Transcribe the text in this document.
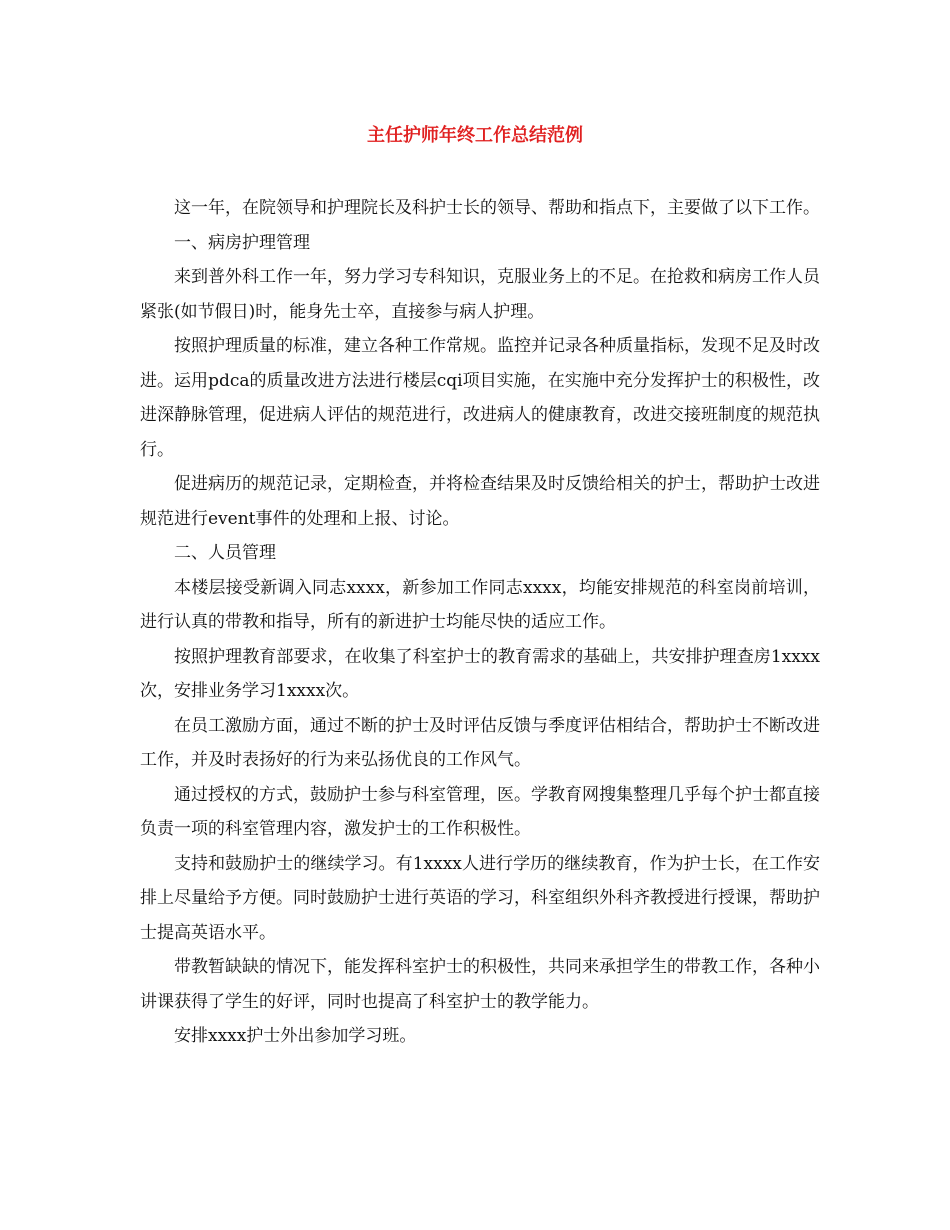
主任护师年终工作总结范例

这一年，在院领导和护理院长及科护士长的领导、帮助和指点下，主要做了以下工作。

一、病房护理管理

来到普外科工作一年，努力学习专科知识，克服业务上的不足。在抢救和病房工作人员紧张(如节假日)时，能身先士卒，直接参与病人护理。

按照护理质量的标准，建立各种工作常规。监控并记录各种质量指标，发现不足及时改进。运用pdca的质量改进方法进行楼层cqi项目实施，在实施中充分发挥护士的积极性，改进深静脉管理，促进病人评估的规范进行，改进病人的健康教育，改进交接班制度的规范执行。

促进病历的规范记录，定期检查，并将检查结果及时反馈给相关的护士，帮助护士改进规范进行event事件的处理和上报、讨论。

二、人员管理

本楼层接受新调入同志xxxx，新参加工作同志xxxx，均能安排规范的科室岗前培训，进行认真的带教和指导，所有的新进护士均能尽快的适应工作。

按照护理教育部要求，在收集了科室护士的教育需求的基础上，共安排护理查房1xxxx次，安排业务学习1xxxx次。

在员工激励方面，通过不断的护士及时评估反馈与季度评估相结合，帮助护士不断改进工作，并及时表扬好的行为来弘扬优良的工作风气。

通过授权的方式，鼓励护士参与科室管理，医。学教育网搜集整理几乎每个护士都直接负责一项的科室管理内容，激发护士的工作积极性。

支持和鼓励护士的继续学习。有1xxxx人进行学历的继续教育，作为护士长，在工作安排上尽量给予方便。同时鼓励护士进行英语的学习，科室组织外科齐教授进行授课，帮助护士提高英语水平。

带教暂缺缺的情况下，能发挥科室护士的积极性，共同来承担学生的带教工作，各种小讲课获得了学生的好评，同时也提高了科室护士的教学能力。

安排xxxx护士外出参加学习班。
